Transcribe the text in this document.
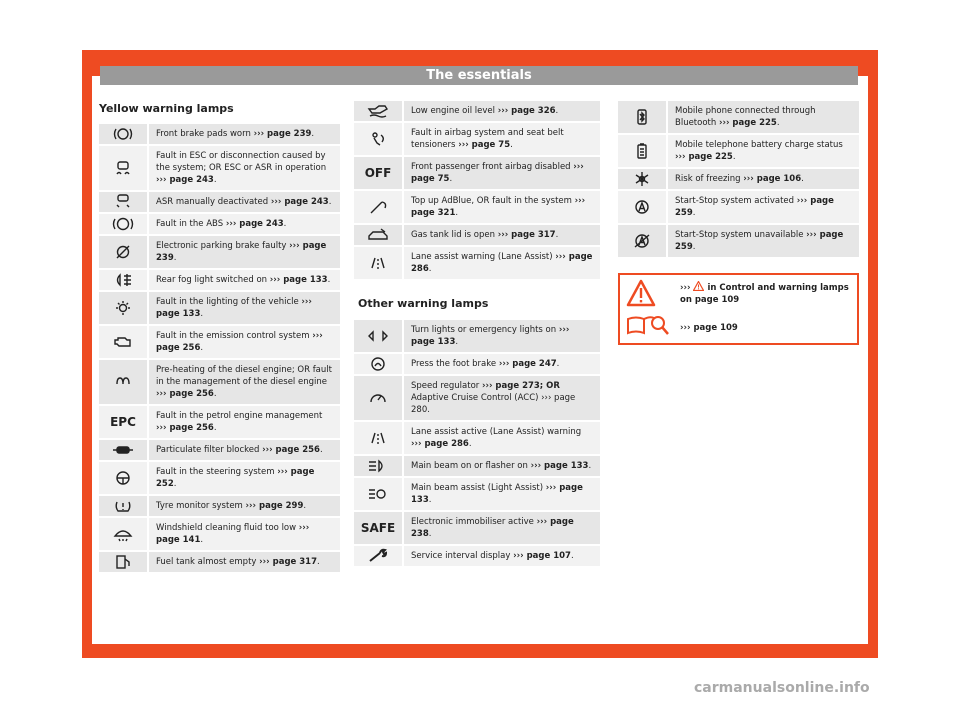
The essentials
Yellow warning lamps
Front brake pads worn ››› page 239.
Fault in ESC or disconnection caused by the system; OR ESC or ASR in operation ››› page 243.
ASR manually deactivated ››› page 243.
Fault in the ABS ››› page 243.
Electronic parking brake faulty ››› page 239.
Rear fog light switched on ››› page 133.
Fault in the lighting of the vehicle ››› page 133.
Fault in the emission control system ››› page 256.
Pre-heating of the diesel engine; OR fault in the management of the diesel engine ››› page 256.
EPC Fault in the petrol engine management ››› page 256.
Particulate filter blocked ››› page 256.
Fault in the steering system ››› page 252.
Tyre monitor system ››› page 299.
Windshield cleaning fluid too low ››› page 141.
Fuel tank almost empty ››› page 317.
Low engine oil level ››› page 326.
Fault in airbag system and seat belt tensioners ››› page 75.
OFF Front passenger front airbag disabled ››› page 75.
Top up AdBlue, OR fault in the system ››› page 321.
Gas tank lid is open ››› page 317.
Lane assist warning (Lane Assist) ››› page 286.
Other warning lamps
Turn lights or emergency lights on ››› page 133.
Press the foot brake ››› page 247.
Speed regulator ››› page 273; OR Adaptive Cruise Control (ACC) ››› page 280.
Lane assist active (Lane Assist) warning ››› page 286.
Main beam on or flasher on ››› page 133.
Main beam assist (Light Assist) ››› page 133.
SAFE Electronic immobiliser active ››› page 238.
Service interval display ››› page 107.
Mobile phone connected through Bluetooth ››› page 225.
Mobile telephone battery charge status ››› page 225.
Risk of freezing ››› page 106.
Start-Stop system activated ››› page 259.
Start-Stop system unavailable ››› page 259.
›››  in Control and warning lamps on page 109
››› page 109
35
carmanualsonline.info
